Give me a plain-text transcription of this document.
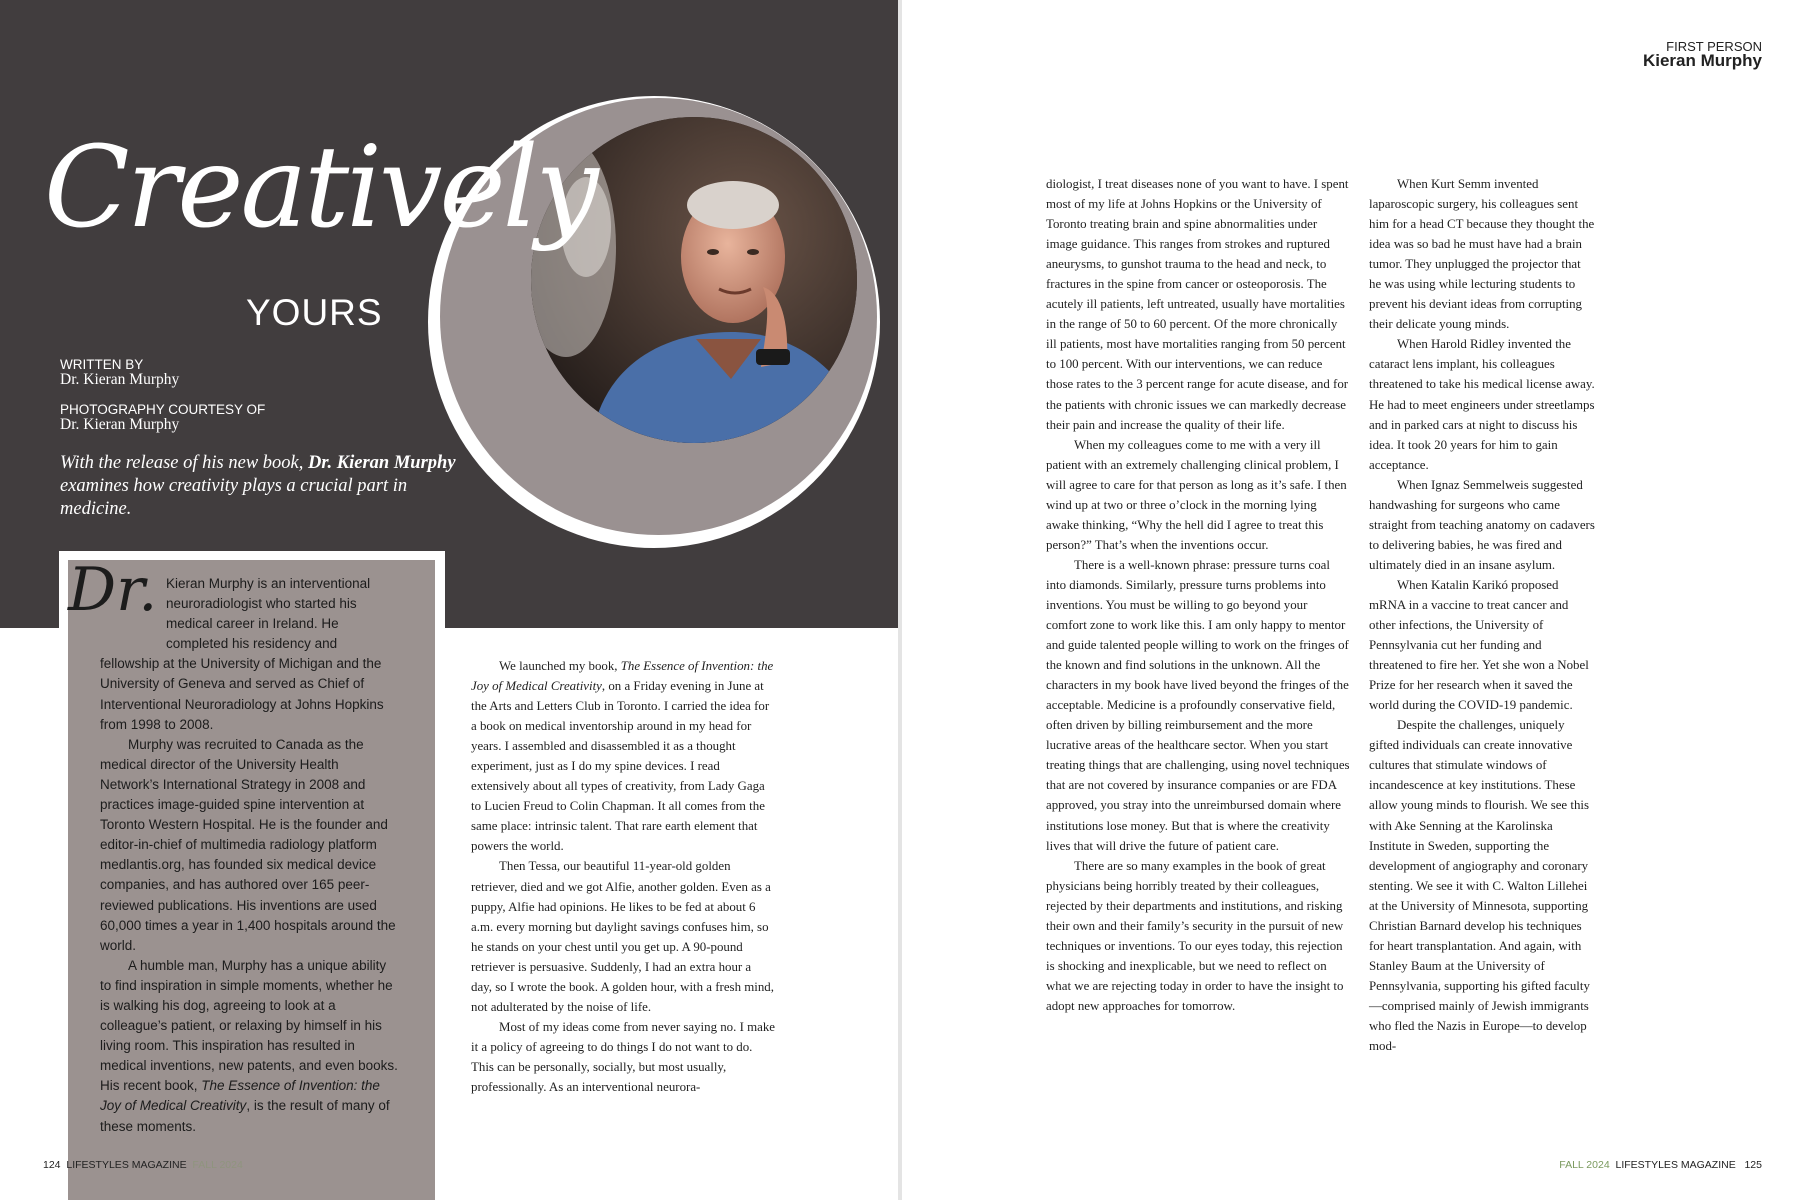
Creatively
YOURS
WRITTEN BY
Dr. Kieran Murphy
PHOTOGRAPHY COURTESY OF
Dr. Kieran Murphy
With the release of his new book, Dr. Kieran Murphy examines how creativity plays a crucial part in medicine.
Dr. Kieran Murphy is an interventional neuroradiologist who started his medical career in Ireland. He completed his residency and fellowship at the University of Michigan and the University of Geneva and served as Chief of Interventional Neuroradiology at Johns Hopkins from 1998 to 2008.

Murphy was recruited to Canada as the medical director of the University Health Network’s International Strategy in 2008 and practices image-guided spine intervention at Toronto Western Hospital. He is the founder and editor-in-chief of multimedia radiology platform medlantis.org, has founded six medical device companies, and has authored over 165 peer-reviewed publications. His inventions are used 60,000 times a year in 1,400 hospitals around the world.

A humble man, Murphy has a unique ability to find inspiration in simple moments, whether he is walking his dog, agreeing to look at a colleague’s patient, or relaxing by himself in his living room. This inspiration has resulted in medical inventions, new patents, and even books. His recent book, The Essence of Invention: the Joy of Medical Creativity, is the result of many of these moments.

We launched my book, The Essence of Invention: the Joy of Medical Creativity, on a Friday evening in June at the Arts and Letters Club in Toronto. I carried the idea for a book on medical inventorship around in my head for years. I assembled and disassembled it as a thought experiment, just as I do my spine devices. I read extensively about all types of creativity, from Lady Gaga to Lucien Freud to Colin Chapman. It all comes from the same place: intrinsic talent. That rare earth element that powers the world.

Then Tessa, our beautiful 11-year-old golden retriever, died and we got Alfie, another golden. Even as a puppy, Alfie had opinions. He likes to be fed at about 6 a.m. every morning but daylight savings confuses him, so he stands on your chest until you get up. A 90-pound retriever is persuasive. Suddenly, I had an extra hour a day, so I wrote the book. A golden hour, with a fresh mind, not adulterated by the noise of life.

Most of my ideas come from never saying no. I make it a policy of agreeing to do things I do not want to do. This can be personally, socially, but most usually, professionally. As an interventional neurora-

124 LIFESTYLES MAGAZINE FALL 2024
FIRST PERSON
Kieran Murphy

diologist, I treat diseases none of you want to have. I spent most of my life at Johns Hopkins or the University of Toronto treating brain and spine abnormalities under image guidance. This ranges from strokes and ruptured aneurysms, to gunshot trauma to the head and neck, to fractures in the spine from cancer or osteoporosis. The acutely ill patients, left untreated, usually have mortalities in the range of 50 to 60 percent. Of the more chronically ill patients, most have mortalities ranging from 50 percent to 100 percent. With our interventions, we can reduce those rates to the 3 percent range for acute disease, and for the patients with chronic issues we can markedly decrease their pain and increase the quality of their life.

When my colleagues come to me with a very ill patient with an extremely challenging clinical problem, I will agree to care for that person as long as it’s safe. I then wind up at two or three o’clock in the morning lying awake thinking, “Why the hell did I agree to treat this person?” That’s when the inventions occur.

There is a well-known phrase: pressure turns coal into diamonds. Similarly, pressure turns problems into inventions. You must be willing to go beyond your comfort zone to work like this. I am only happy to mentor and guide talented people willing to work on the fringes of the known and find solutions in the unknown. All the characters in my book have lived beyond the fringes of the acceptable. Medicine is a profoundly conservative field, often driven by billing reimbursement and the more lucrative areas of the healthcare sector. When you start treating things that are challenging, using novel techniques that are not covered by insurance companies or are FDA approved, you stray into the unreimbursed domain where institutions lose money. But that is where the creativity lives that will drive the future of patient care.

There are so many examples in the book of great physicians being horribly treated by their colleagues, rejected by their departments and institutions, and risking their own and their family’s security in the pursuit of new techniques or inventions. To our eyes today, this rejection is shocking and inexplicable, but we need to reflect on what we are rejecting today in order to have the insight to adopt new approaches for tomorrow.

When Kurt Semm invented laparoscopic surgery, his colleagues sent him for a head CT because they thought the idea was so bad he must have had a brain tumor. They unplugged the projector that he was using while lecturing students to prevent his deviant ideas from corrupting their delicate young minds.

When Harold Ridley invented the cataract lens implant, his colleagues threatened to take his medical license away. He had to meet engineers under streetlamps and in parked cars at night to discuss his idea. It took 20 years for him to gain acceptance.

When Ignaz Semmelweis suggested handwashing for surgeons who came straight from teaching anatomy on cadavers to delivering babies, he was fired and ultimately died in an insane asylum.

When Katalin Karikó proposed mRNA in a vaccine to treat cancer and other infections, the University of Pennsylvania cut her funding and threatened to fire her. Yet she won a Nobel Prize for her research when it saved the world during the COVID-19 pandemic.

Despite the challenges, uniquely gifted individuals can create innovative cultures that stimulate windows of incandescence at key institutions. These allow young minds to flourish. We see this with Ake Senning at the Karolinska Institute in Sweden, supporting the development of angiography and coronary stenting. We see it with C. Walton Lillehei at the University of Minnesota, supporting Christian Barnard develop his techniques for heart transplantation. And again, with Stanley Baum at the University of Pennsylvania, supporting his gifted faculty—comprised mainly of Jewish immigrants who fled the Nazis in Europe—to develop mod-

FALL 2024 LIFESTYLES MAGAZINE 125
